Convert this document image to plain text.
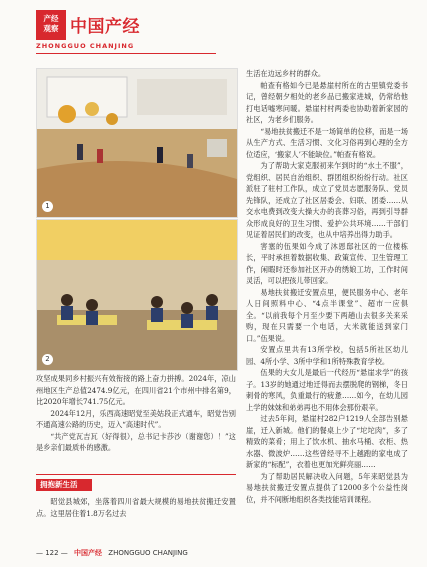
产经
观察 中国产经
ZHONGGUO CHANJING
1
2

攻坚成果同乡村振兴有效衔接的路上奋力拼搏。2024年，凉山州地区生产总值2474.9亿元，在四川省21个市州中排名第9，比2020年增长741.75亿元。

2024年12月，乐西高速昭觉至美姑段正式通车，昭觉告别不通高速公路的历史，迈入“高速时代”。

“共产党瓦吉瓦（好得很），总书记卡莎沙（谢谢您）！”这是乡亲们最质朴的感激。

拥抱新生活

昭觉县城郊，坐落着四川省最大规模的易地扶贫搬迁安置点。这里居住着1.8万名过去

生活在边远乡村的群众。

帕查有格如今已是悬崖村所在的古里镇党委书记，曾经朝夕相处的老乡品已搬家进城，仍常给他打电话嘘寒问暖。悬崖村村两委也协助着新家园的社区，为老乡们服务。

“易地扶贫搬迁不是一场简单的位移，而是一场从生产方式、生活习惯、文化习俗再到心理的全方位适应，‘搬家人’不能缺位。”帕查有格说。

为了帮助大家克服初来乍到时的“水土不服”，党组织、居民自治组织、群团组织纷纷行动。社区派驻了驻村工作队，成立了党员志愿服务队、党员先锋队，还成立了社区居委会、妇联、团委……从交水电费到改变大操大办的丧葬习俗，再到引导群众形成良好的卫生习惯、爱护公共环境……干部们见证着居民们的改变，也从中培养出得力助手。

害塞的伍果如今成了沐恩邸社区的一位楼栋长，平时承担着数据收集、政策宣传、卫生管理工作，闲暇时还参加社区开办的绣娘工坊，工作时间灵活，可以把孩儿带回家。

易地扶贫搬迁安置点里，便民服务中心、老年人日间照料中心、“4点半课堂”、超市一应俱全。“以前我每个月至少要下两趟山去很多关来采购，现在只需要一个电话，大米就能送到家门口。”伍果说。

安置点里共有13所学校，包括5所社区幼儿园、4所小学、3所中学和1所特殊教育学校。

伍果的大女儿是最后一代经历“悬崖求学”的孩子。13岁的她通过地迁得而去摆脱爬的钢梯，冬日刺骨的寒风，负重最行的疲惫……如今，在幼儿园上学的妹妹和弟弟再也不用体会那份艰辛。

过去5年间，悬崖村282户1219人全部告别悬崖，迁入新城。他们的餐桌上少了“坨坨肉”，多了精致的菜肴；用上了饮水机、抽水马桶、衣柜、热水器、微波炉……这些曾经寻不上越跑的家电成了新家的“标配”，衣着也更加光鲜亮丽……

为了帮助居民解决收入问题，5年来昭觉县为易地扶贫搬迁安置点提供了12000多个公益性岗位，并不间断地组织各类技能培训课程。

— 122 — 中国产经 ZHONGGUO CHANJING
